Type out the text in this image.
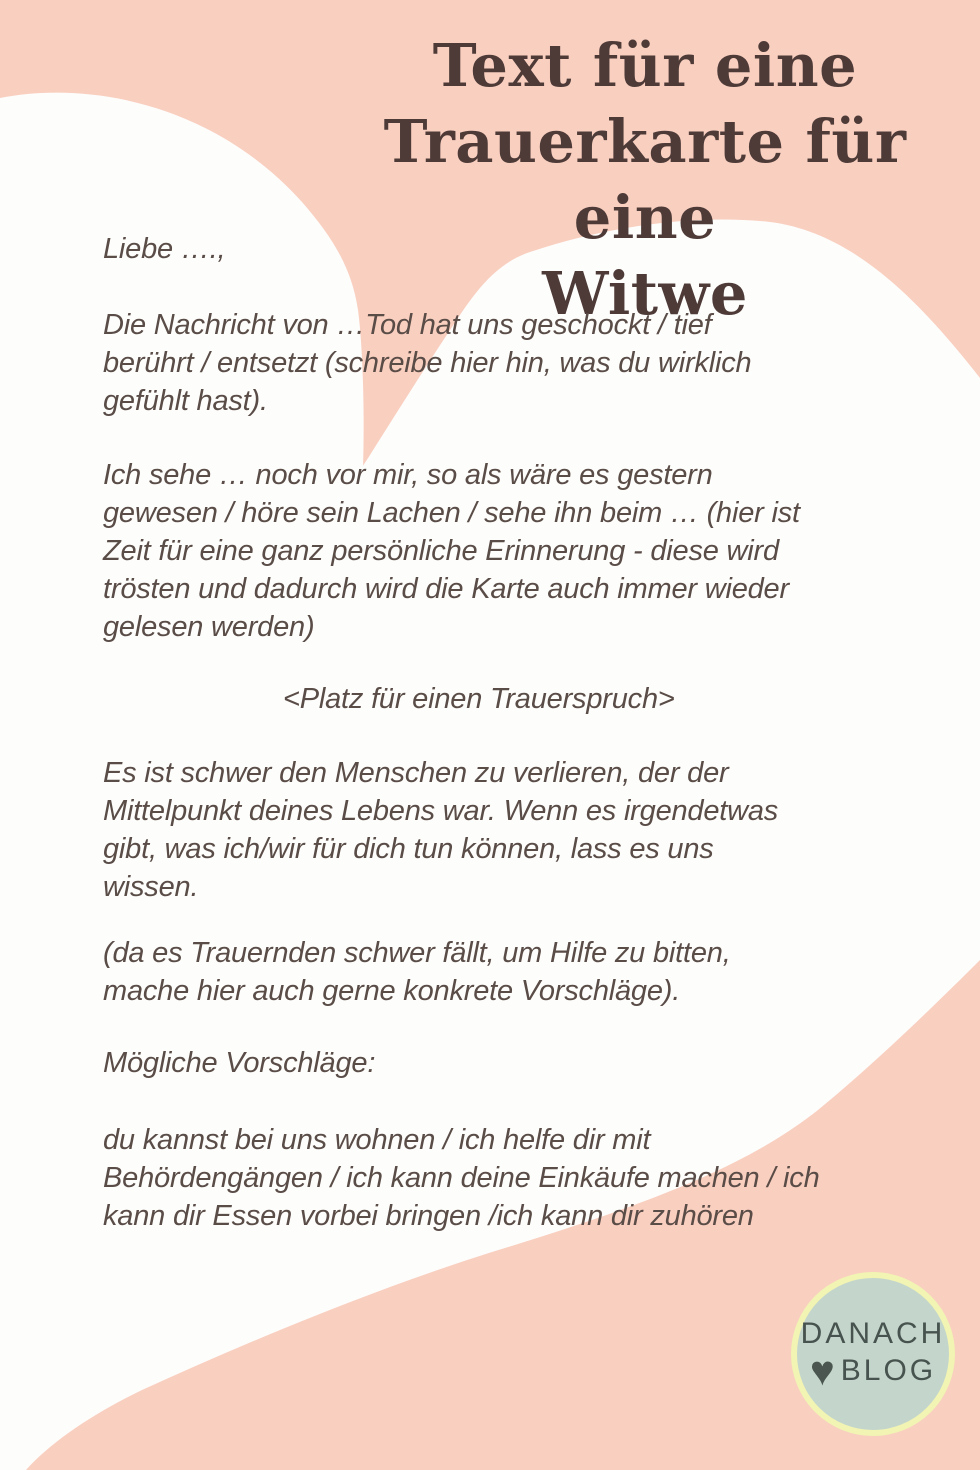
Text für eine
Trauerkarte für eine
Witwe
Liebe ….,
Die Nachricht von …Tod hat uns geschockt / tief
berührt / entsetzt (schreibe hier hin, was du wirklich
gefühlt hast).
Ich sehe … noch vor mir, so als wäre es gestern
gewesen / höre sein Lachen / sehe ihn beim … (hier ist
Zeit für eine ganz persönliche Erinnerung - diese wird
trösten und dadurch wird die Karte auch immer wieder
gelesen werden)
<Platz für einen Trauerspruch>
Es ist schwer den Menschen zu verlieren, der der
Mittelpunkt deines Lebens war. Wenn es irgendetwas
gibt, was ich/wir für dich tun können, lass es uns
wissen.
(da es Trauernden schwer fällt, um Hilfe zu bitten,
mache hier auch gerne konkrete Vorschläge).
Mögliche Vorschläge:
du kannst bei uns wohnen / ich helfe dir mit
Behördengängen / ich kann deine Einkäufe machen / ich
kann dir Essen vorbei bringen /ich kann dir zuhören
DANACH
♥ BLOG
